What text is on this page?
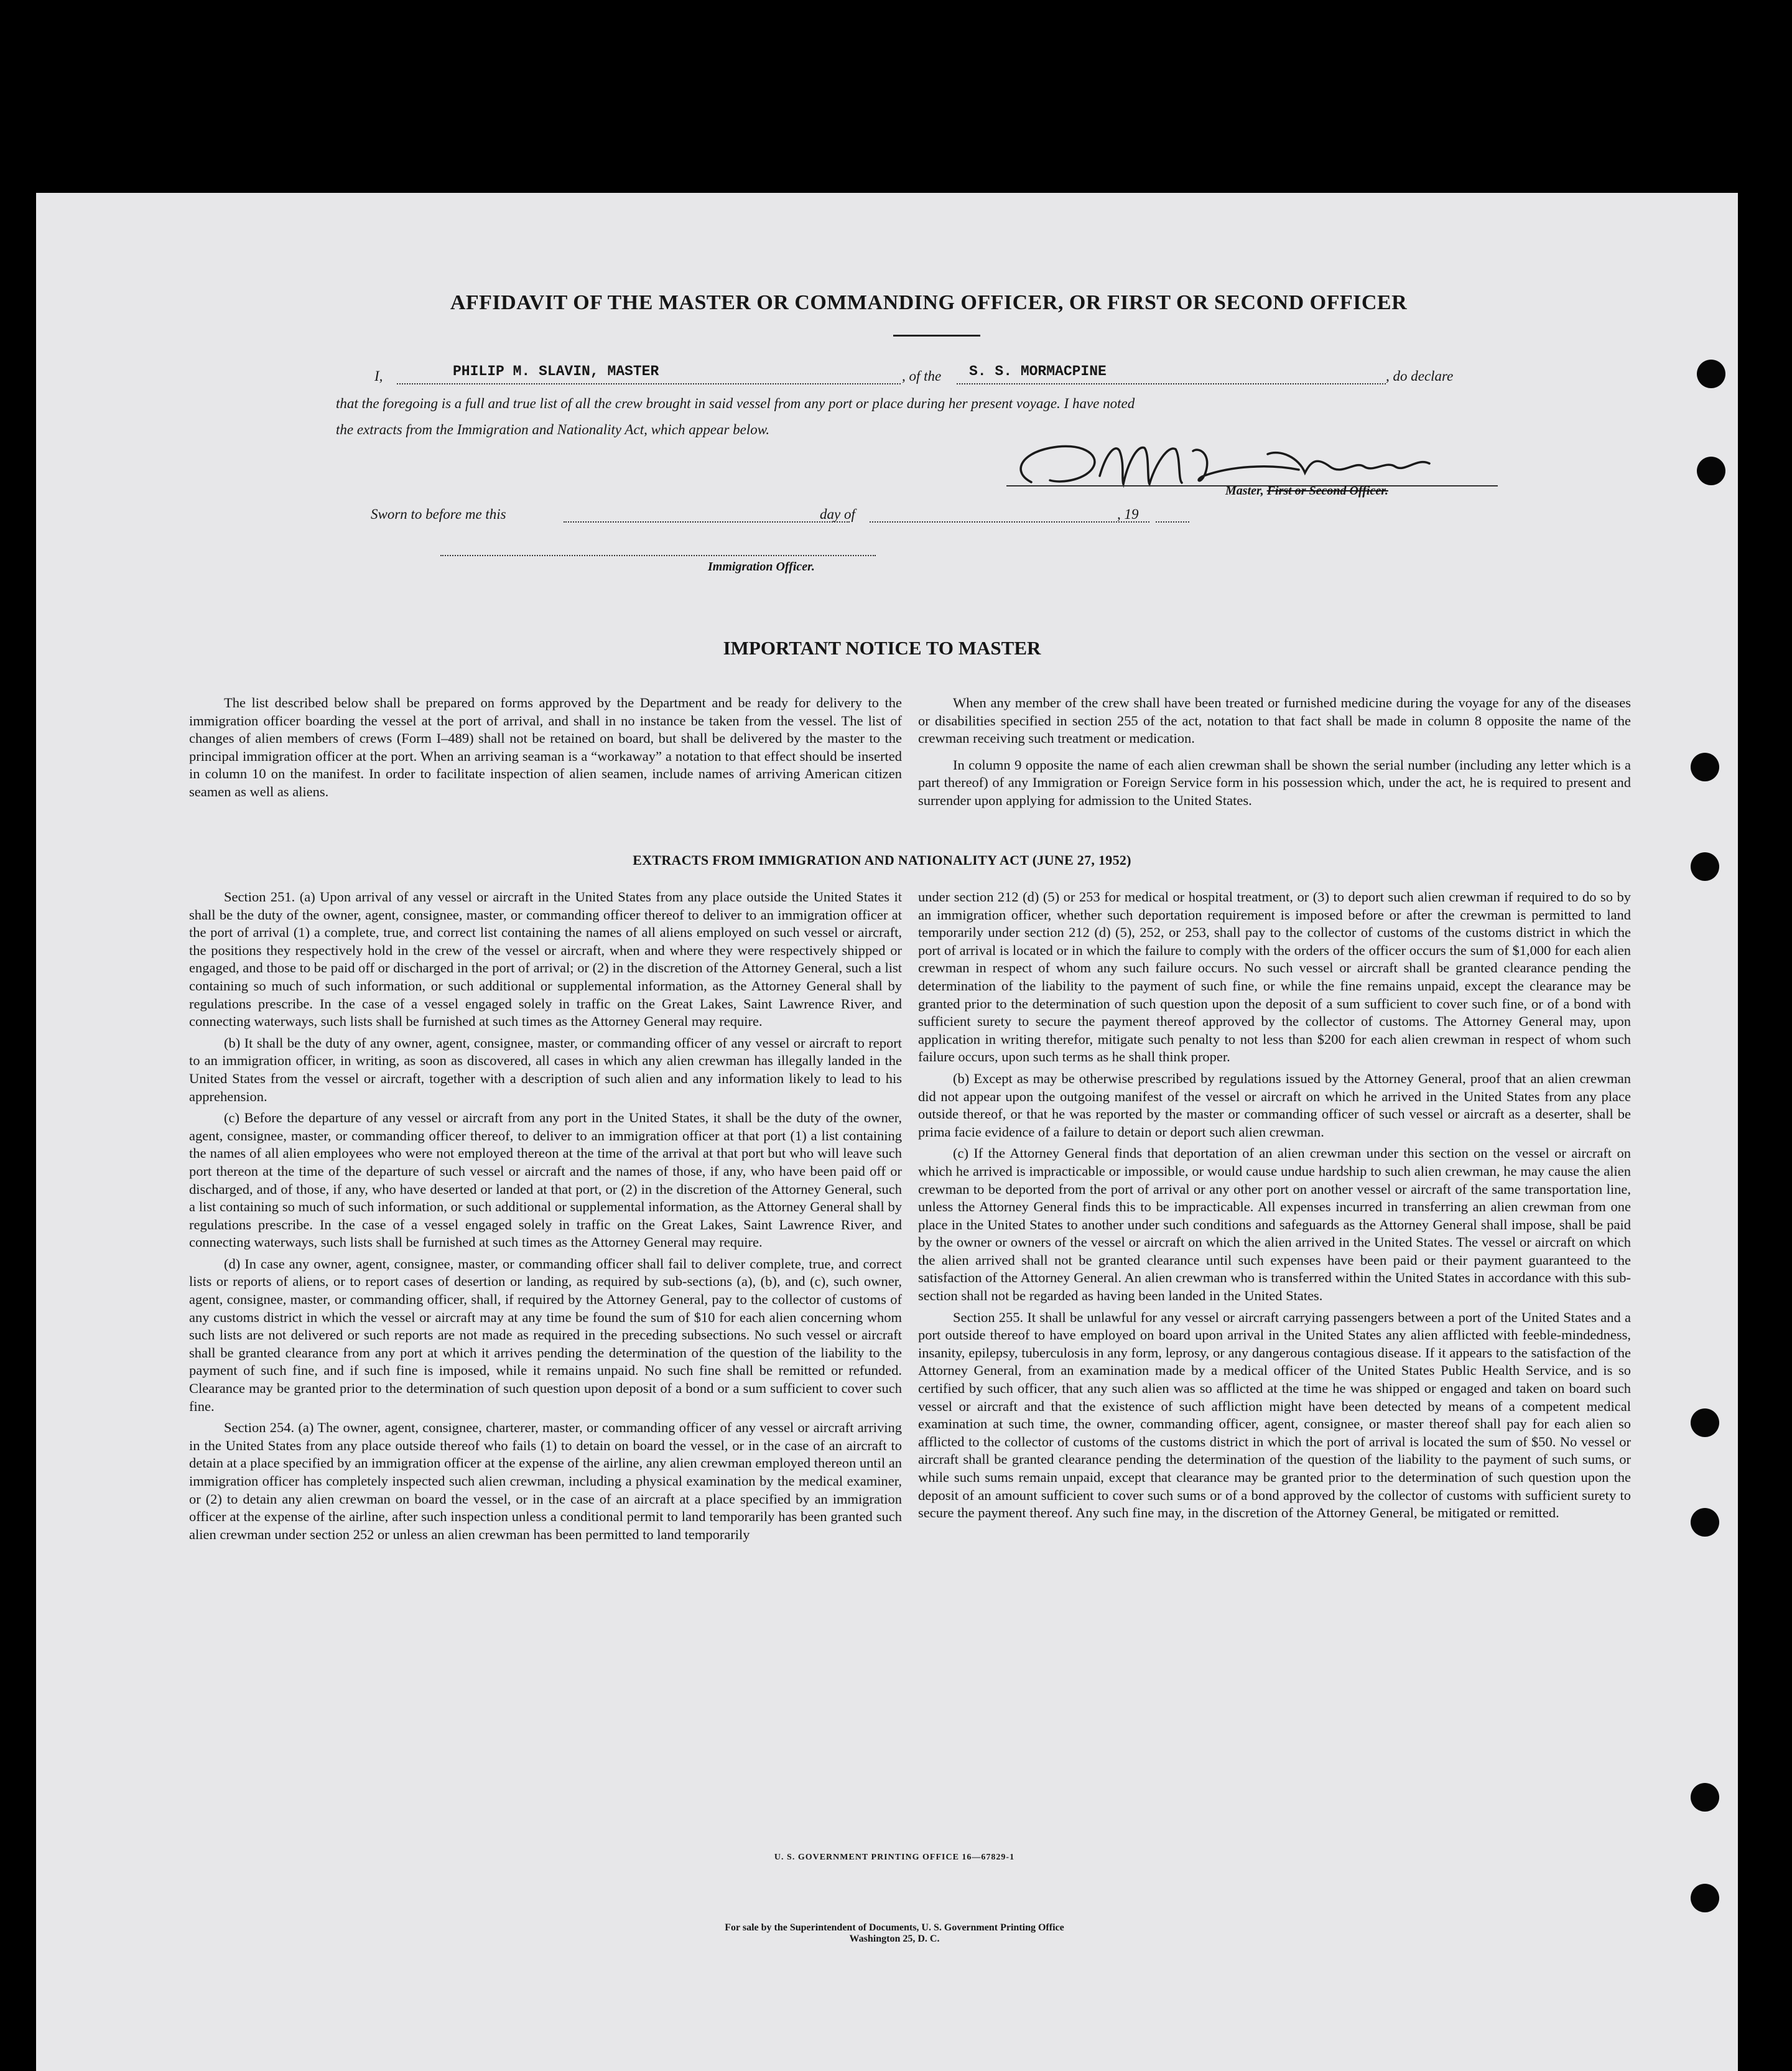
AFFIDAVIT OF THE MASTER OR COMMANDING OFFICER, OR FIRST OR SECOND OFFICER
I,	PHILIP M. SLAVIN, MASTER	, of the S. S. MORMACPINE	, do declare
that the foregoing is a full and true list of all the crew brought in said vessel from any port or place during her present voyage. I have noted
the extracts from the Immigration and Nationality Act, which appear below.
Master, First or Second Officer.
Sworn to before me this	day of	, 19
Immigration Officer.
IMPORTANT NOTICE TO MASTER

The list described below shall be prepared on forms approved by the Department and be ready for delivery to the immigration officer boarding the vessel at the port of arrival, and shall in no instance be taken from the vessel. The list of changes of alien members of crews (Form I–489) shall not be retained on board, but shall be delivered by the master to the principal immigration officer at the port. When an arriving seaman is a “workaway” a notation to that effect should be inserted in column 10 on the manifest. In order to facilitate inspection of alien seamen, include names of arriving American citizen seamen as well as aliens.

When any member of the crew shall have been treated or furnished medicine during the voyage for any of the diseases or disabilities specified in section 255 of the act, notation to that fact shall be made in column 8 opposite the name of the crewman receiving such treatment or medication.

In column 9 opposite the name of each alien crewman shall be shown the serial number (including any letter which is a part thereof) of any Immigration or Foreign Service form in his possession which, under the act, he is required to present and surrender upon applying for admission to the United States.

EXTRACTS FROM IMMIGRATION AND NATIONALITY ACT (JUNE 27, 1952)

Section 251. (a) Upon arrival of any vessel or aircraft in the United States from any place outside the United States it shall be the duty of the owner, agent, consignee, master, or commanding officer thereof to deliver to an immigration officer at the port of arrival (1) a complete, true, and correct list containing the names of all aliens employed on such vessel or aircraft, the positions they respectively hold in the crew of the vessel or aircraft, when and where they were respectively shipped or engaged, and those to be paid off or discharged in the port of arrival; or (2) in the discretion of the Attorney General, such a list containing so much of such information, or such additional or supplemental information, as the Attorney General shall by regulations prescribe. In the case of a vessel engaged solely in traffic on the Great Lakes, Saint Lawrence River, and connecting waterways, such lists shall be furnished at such times as the Attorney General may require.

(b) It shall be the duty of any owner, agent, consignee, master, or commanding officer of any vessel or aircraft to report to an immigration officer, in writing, as soon as discovered, all cases in which any alien crewman has illegally landed in the United States from the vessel or aircraft, together with a description of such alien and any information likely to lead to his apprehension.

(c) Before the departure of any vessel or aircraft from any port in the United States, it shall be the duty of the owner, agent, consignee, master, or commanding officer thereof, to deliver to an immigration officer at that port (1) a list containing the names of all alien employees who were not employed thereon at the time of the arrival at that port but who will leave such port thereon at the time of the departure of such vessel or aircraft and the names of those, if any, who have been paid off or discharged, and of those, if any, who have deserted or landed at that port, or (2) in the discretion of the Attorney General, such a list containing so much of such information, or such additional or supplemental information, as the Attorney General shall by regulations prescribe. In the case of a vessel engaged solely in traffic on the Great Lakes, Saint Lawrence River, and connecting waterways, such lists shall be furnished at such times as the Attorney General may require.

(d) In case any owner, agent, consignee, master, or commanding officer shall fail to deliver complete, true, and correct lists or reports of aliens, or to report cases of desertion or landing, as required by sub-sections (a), (b), and (c), such owner, agent, consignee, master, or commanding officer, shall, if required by the Attorney General, pay to the collector of customs of any customs district in which the vessel or aircraft may at any time be found the sum of $10 for each alien concerning whom such lists are not delivered or such reports are not made as required in the preceding subsections. No such vessel or aircraft shall be granted clearance from any port at which it arrives pending the determination of the question of the liability to the payment of such fine, and if such fine is imposed, while it remains unpaid. No such fine shall be remitted or refunded. Clearance may be granted prior to the determination of such question upon deposit of a bond or a sum sufficient to cover such fine.

Section 254. (a) The owner, agent, consignee, charterer, master, or commanding officer of any vessel or aircraft arriving in the United States from any place outside thereof who fails (1) to detain on board the vessel, or in the case of an aircraft to detain at a place specified by an immigration officer at the expense of the airline, any alien crewman employed thereon until an immigration officer has completely inspected such alien crewman, including a physical examination by the medical examiner, or (2) to detain any alien crewman on board the vessel, or in the case of an aircraft at a place specified by an immigration officer at the expense of the airline, after such inspection unless a conditional permit to land temporarily has been granted such alien crewman under section 252 or unless an alien crewman has been permitted to land temporarily

under section 212 (d) (5) or 253 for medical or hospital treatment, or (3) to deport such alien crewman if required to do so by an immigration officer, whether such deportation requirement is imposed before or after the crewman is permitted to land temporarily under section 212 (d) (5), 252, or 253, shall pay to the collector of customs of the customs district in which the port of arrival is located or in which the failure to comply with the orders of the officer occurs the sum of $1,000 for each alien crewman in respect of whom any such failure occurs. No such vessel or aircraft shall be granted clearance pending the determination of the liability to the payment of such fine, or while the fine remains unpaid, except the clearance may be granted prior to the determination of such question upon the deposit of a sum sufficient to cover such fine, or of a bond with sufficient surety to secure the payment thereof approved by the collector of customs. The Attorney General may, upon application in writing therefor, mitigate such penalty to not less than $200 for each alien crewman in respect of whom such failure occurs, upon such terms as he shall think proper.

(b) Except as may be otherwise prescribed by regulations issued by the Attorney General, proof that an alien crewman did not appear upon the outgoing manifest of the vessel or aircraft on which he arrived in the United States from any place outside thereof, or that he was reported by the master or commanding officer of such vessel or aircraft as a deserter, shall be prima facie evidence of a failure to detain or deport such alien crewman.

(c) If the Attorney General finds that deportation of an alien crewman under this section on the vessel or aircraft on which he arrived is impracticable or impossible, or would cause undue hardship to such alien crewman, he may cause the alien crewman to be deported from the port of arrival or any other port on another vessel or aircraft of the same transportation line, unless the Attorney General finds this to be impracticable. All expenses incurred in transferring an alien crewman from one place in the United States to another under such conditions and safeguards as the Attorney General shall impose, shall be paid by the owner or owners of the vessel or aircraft on which the alien arrived in the United States. The vessel or aircraft on which the alien arrived shall not be granted clearance until such expenses have been paid or their payment guaranteed to the satisfaction of the Attorney General. An alien crewman who is transferred within the United States in accordance with this sub-section shall not be regarded as having been landed in the United States.

Section 255. It shall be unlawful for any vessel or aircraft carrying passengers between a port of the United States and a port outside thereof to have employed on board upon arrival in the United States any alien afflicted with feeble-mindedness, insanity, epilepsy, tuberculosis in any form, leprosy, or any dangerous contagious disease. If it appears to the satisfaction of the Attorney General, from an examination made by a medical officer of the United States Public Health Service, and is so certified by such officer, that any such alien was so afflicted at the time he was shipped or engaged and taken on board such vessel or aircraft and that the existence of such affliction might have been detected by means of a competent medical examination at such time, the owner, commanding officer, agent, consignee, or master thereof shall pay for each alien so afflicted to the collector of customs of the customs district in which the port of arrival is located the sum of $50. No vessel or aircraft shall be granted clearance pending the determination of the question of the liability to the payment of such sums, or while such sums remain unpaid, except that clearance may be granted prior to the determination of such question upon the deposit of an amount sufficient to cover such sums or of a bond approved by the collector of customs with sufficient surety to secure the payment thereof. Any such fine may, in the discretion of the Attorney General, be mitigated or remitted.

U. S. GOVERNMENT PRINTING OFFICE 16—67829-1
For sale by the Superintendent of Documents, U. S. Government Printing Office
Washington 25, D. C.
